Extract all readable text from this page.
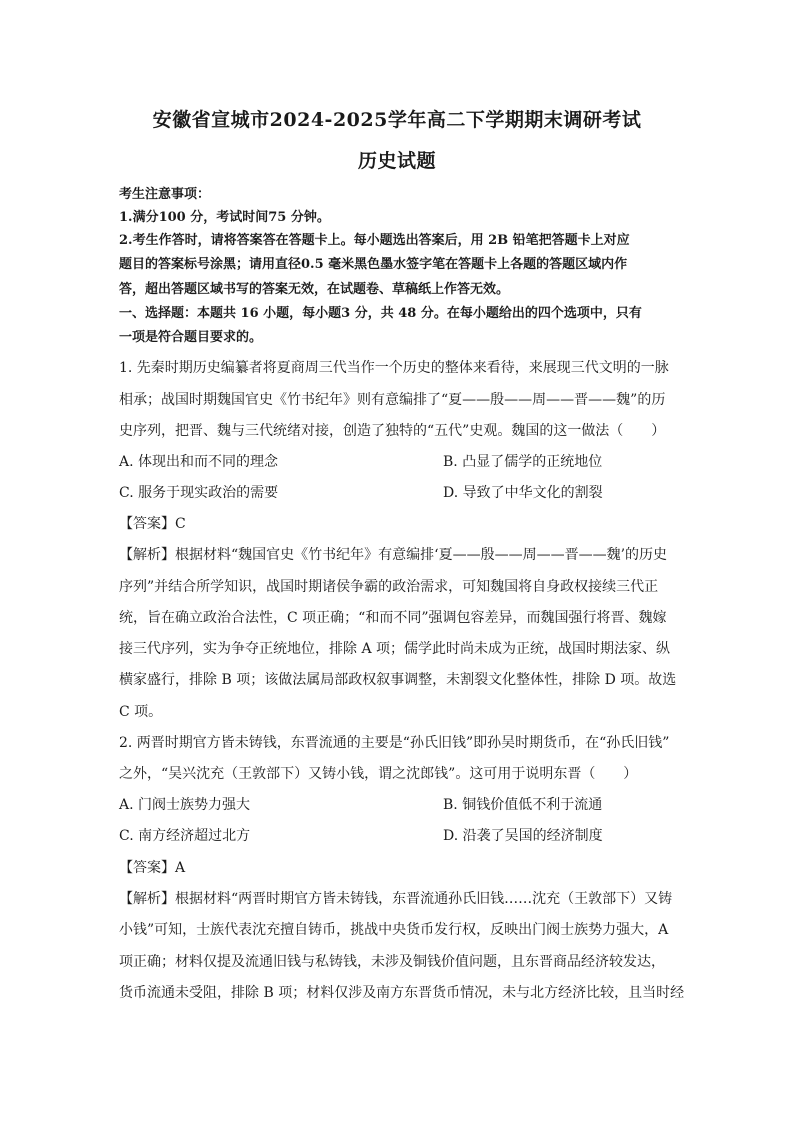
安徽省宣城市2024-2025学年高二下学期期末调研考试
历史试题
考生注意事项：
1.满分100 分，考试时间75 分钟。
2.考生作答时，请将答案答在答题卡上。每小题选出答案后，用 2B 铅笔把答题卡上对应
题目的答案标号涂黑；请用直径0.5 毫米黑色墨水签字笔在答题卡上各题的答题区域内作
答，超出答题区域书写的答案无效，在试题卷、草稿纸上作答无效。
一、选择题：本题共 16 小题，每小题3 分，共 48 分。在每小题给出的四个选项中，只有
一项是符合题目要求的。
1. 先秦时期历史编纂者将夏商周三代当作一个历史的整体来看待，来展现三代文明的一脉
相承；战国时期魏国官史《竹书纪年》则有意编排了“夏——殷——周——晋——魏”的历
史序列，把晋、魏与三代统绪对接，创造了独特的“五代”史观。魏国的这一做法（　　）
A. 体现出和而不同的理念	B. 凸显了儒学的正统地位
C. 服务于现实政治的需要	D. 导致了中华文化的割裂
【答案】C
【解析】根据材料“魏国官史《竹书纪年》有意编排‘夏——殷——周——晋——魏’的历史
序列”并结合所学知识，战国时期诸侯争霸的政治需求，可知魏国将自身政权接续三代正
统，旨在确立政治合法性，C 项正确；“和而不同”强调包容差异，而魏国强行将晋、魏嫁
接三代序列，实为争夺正统地位，排除 A 项；儒学此时尚未成为正统，战国时期法家、纵
横家盛行，排除 B 项；该做法属局部政权叙事调整，未割裂文化整体性，排除 D 项。故选
C 项。
2. 两晋时期官方皆未铸钱，东晋流通的主要是“孙氏旧钱”即孙吴时期货币，在“孙氏旧钱”
之外，“吴兴沈充（王敦部下）又铸小钱，谓之沈郎钱”。这可用于说明东晋（　　）
A. 门阀士族势力强大	B. 铜钱价值低不利于流通
C. 南方经济超过北方	D. 沿袭了吴国的经济制度
【答案】A
【解析】根据材料“两晋时期官方皆未铸钱，东晋流通孙氏旧钱……沈充（王敦部下）又铸
小钱”可知，士族代表沈充擅自铸币，挑战中央货币发行权，反映出门阀士族势力强大，A
项正确；材料仅提及流通旧钱与私铸钱，未涉及铜钱价值问题，且东晋商品经济较发达，
货币流通未受阻，排除 B 项；材料仅涉及南方东晋货币情况，未与北方经济比较，且当时经
